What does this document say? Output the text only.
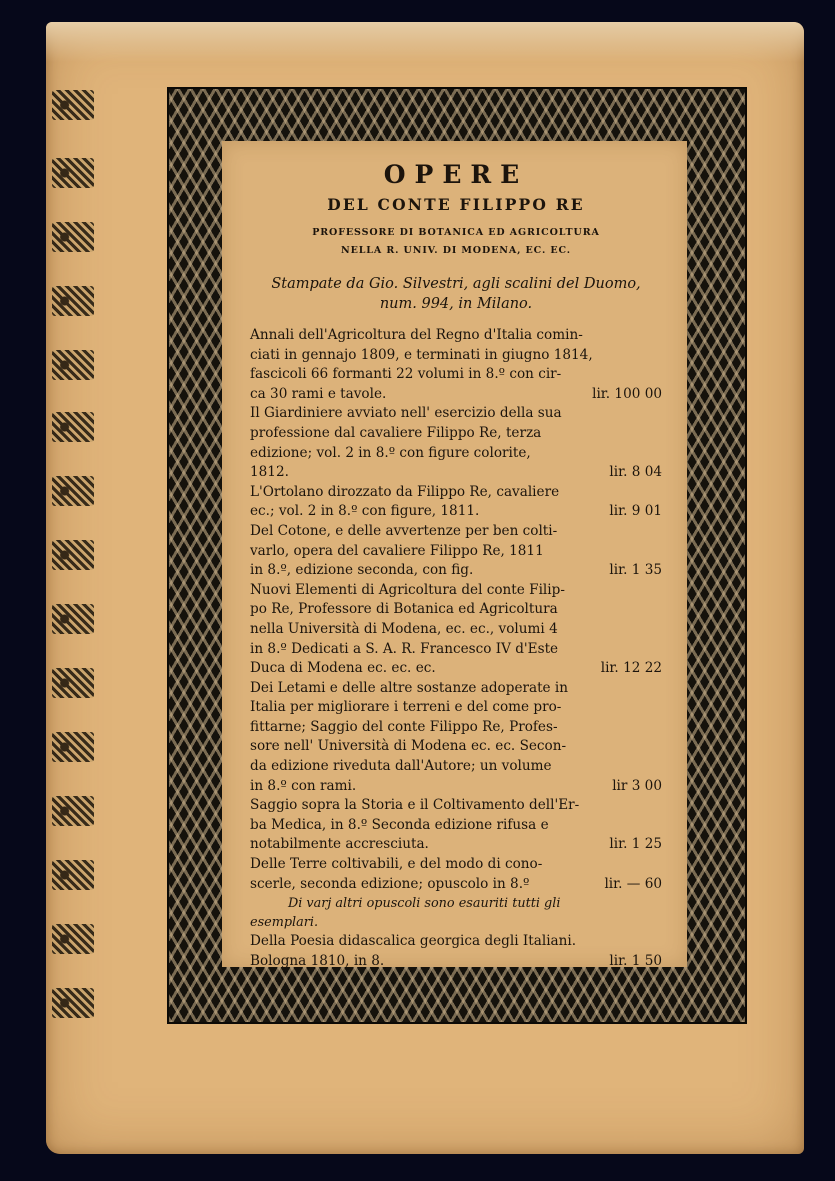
OPERE

DEL CONTE FILIPPO RE

PROFESSORE DI BOTANICA ED AGRICOLTURA

NELLA R. UNIV. DI MODENA, EC. EC.

Stampate da Gio. Silvestri, agli scalini del Duomo,
num. 994, in Milano.
Annali dell'Agricoltura del Regno d'Italia comin-
ciati in gennajo 1809, e terminati in giugno 1814,
fascicoli 66 formanti 22 volumi in 8.º con cir-
ca 30 rami e tavole.	lir. 100 00
Il Giardiniere avviato nell' esercizio della sua
professione dal cavaliere Filippo Re, terza
edizione; vol. 2 in 8.º con figure colorite,
1812.	lir. 8 04
L'Ortolano dirozzato da Filippo Re, cavaliere
ec.; vol. 2 in 8.º con figure, 1811.	lir. 9 01
Del Cotone, e delle avvertenze per ben colti-
varlo, opera del cavaliere Filippo Re, 1811
in 8.º, edizione seconda, con fig.	lir. 1 35
Nuovi Elementi di Agricoltura del conte Filip-
po Re, Professore di Botanica ed Agricoltura
nella Università di Modena, ec. ec., volumi 4
in 8.º Dedicati a S. A. R. Francesco IV d'Este
Duca di Modena ec. ec. ec.	lir. 12 22
Dei Letami e delle altre sostanze adoperate in
Italia per migliorare i terreni e del come pro-
fittarne; Saggio del conte Filippo Re, Profes-
sore nell' Università di Modena ec. ec. Secon-
da edizione riveduta dall'Autore; un volume
in 8.º con rami.	lir 3 00
Saggio sopra la Storia e il Coltivamento dell'Er-
ba Medica, in 8.º Seconda edizione rifusa e
notabilmente accresciuta.	lir. 1 25
Delle Terre coltivabili, e del modo di cono-
scerle, seconda edizione; opuscolo in 8.º	lir. — 60
Di varj altri opuscoli sono esauriti tutti gli
esemplari.
Della Poesia didascalica georgica degli Italiani.
Bologna 1810, in 8.	lir. 1 50
